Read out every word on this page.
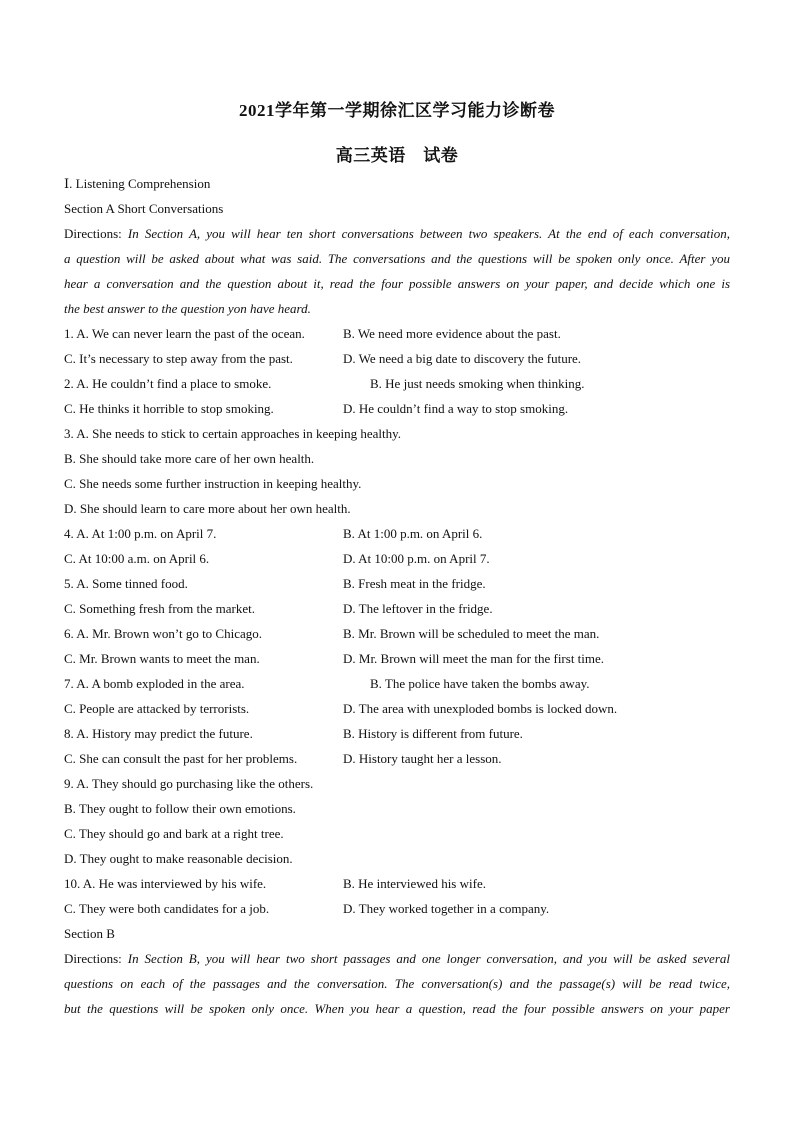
2021学年第一学期徐汇区学习能力诊断卷
高三英语　试卷
Ⅰ. Listening Comprehension
Section A Short Conversations
Directions: In Section A, you will hear ten short conversations between two speakers. At the end of each conversation,
a question will be asked about what was said. The conversations and the questions will be spoken only once. After you
hear a conversation and the question about it, read the four possible answers on your paper, and decide which one is
the best answer to the question yon have heard.
1. A. We can never learn the past of the ocean.	B. We need more evidence about the past.
C. It’s necessary to step away from the past.	D. We need a big date to discovery the future.
2. A. He couldn’t find a place to smoke.	B. He just needs smoking when thinking.
C. He thinks it horrible to stop smoking.	D. He couldn’t find a way to stop smoking.
3. A. She needs to stick to certain approaches in keeping healthy.
B. She should take more care of her own health.
C. She needs some further instruction in keeping healthy.
D. She should learn to care more about her own health.
4. A. At 1:00 p.m. on April 7.	B. At 1:00 p.m. on April 6.
C. At 10:00 a.m. on April 6.	D. At 10:00 p.m. on April 7.
5. A. Some tinned food.	B. Fresh meat in the fridge.
C. Something fresh from the market.	D. The leftover in the fridge.
6. A. Mr. Brown won’t go to Chicago.	B. Mr. Brown will be scheduled to meet the man.
C. Mr. Brown wants to meet the man.	D. Mr. Brown will meet the man for the first time.
7. A. A bomb exploded in the area.	B. The police have taken the bombs away.
C. People are attacked by terrorists.	D. The area with unexploded bombs is locked down.
8. A. History may predict the future.	B. History is different from future.
C. She can consult the past for her problems.	D. History taught her a lesson.
9. A. They should go purchasing like the others.
B. They ought to follow their own emotions.
C. They should go and bark at a right tree.
D. They ought to make reasonable decision.
10. A. He was interviewed by his wife.	B. He interviewed his wife.
C. They were both candidates for a job.	D. They worked together in a company.
Section B
Directions: In Section B, you will hear two short passages and one longer conversation, and you will be asked several
questions on each of the passages and the conversation. The conversation(s) and the passage(s) will be read twice,
but the questions will be spoken only once. When you hear a question, read the four possible answers on your paper
